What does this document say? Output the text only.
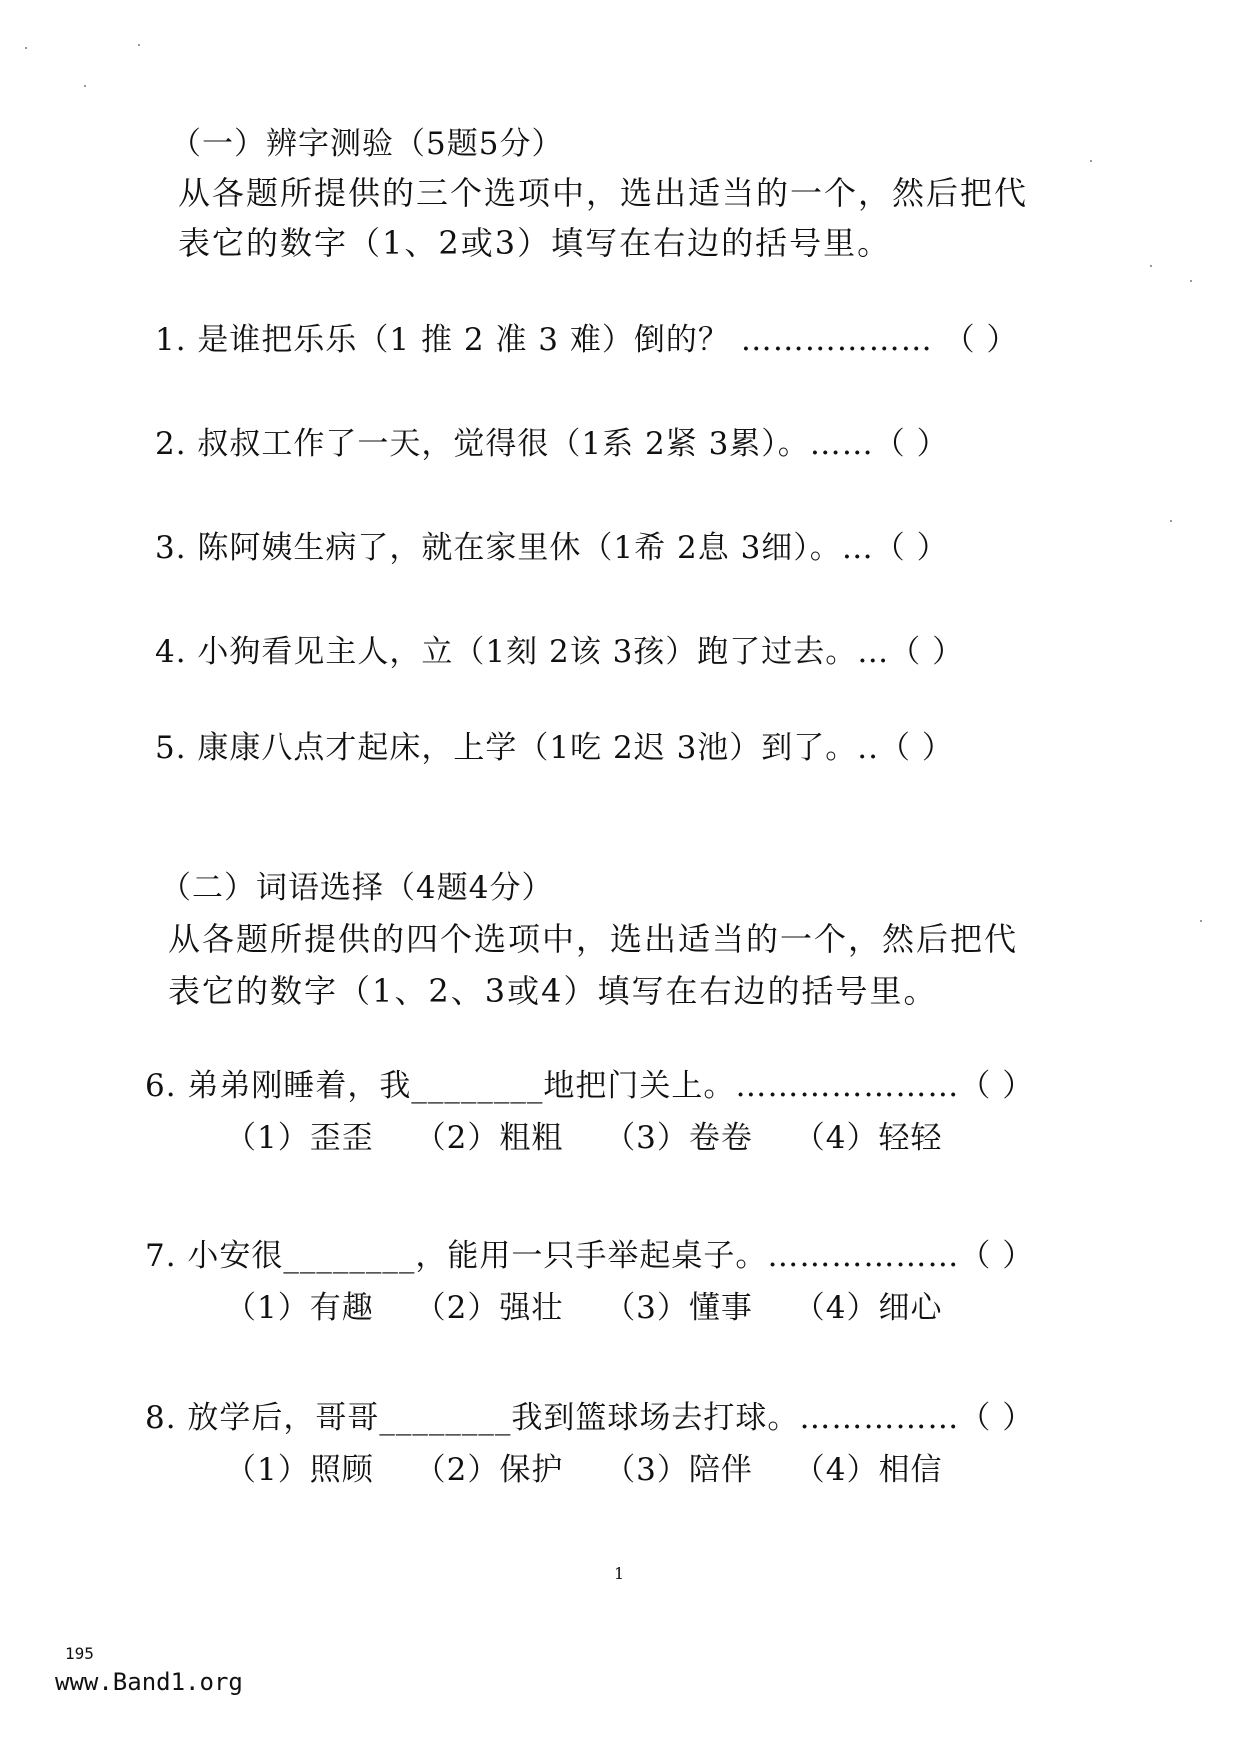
（一）辨字测验（5题5分）
从各题所提供的三个选项中，选出适当的一个，然后把代
表它的数字（1、2或3）填写在右边的括号里。
1. 是谁把乐乐（1 推 2 准 3 难）倒的？ ……………… （ ）
2. 叔叔工作了一天，觉得很（1系 2紧 3累）。……（ ）
3. 陈阿姨生病了，就在家里休（1希 2息 3细）。…（ ）
4. 小狗看见主人，立（1刻 2该 3孩）跑了过去。…（ ）
5. 康康八点才起床，上学（1吃 2迟 3池）到了。..（ ）
（二）词语选择（4题4分）
从各题所提供的四个选项中，选出适当的一个，然后把代
表它的数字（1、2、3或4）填写在右边的括号里。
6. 弟弟刚睡着，我________地把门关上。…………………（ ）
（1）歪歪 （2）粗粗 （3）卷卷 （4）轻轻
7. 小安很________，能用一只手举起桌子。………………（ ）
（1）有趣 （2）强壮 （3）懂事 （4）细心
8. 放学后，哥哥________我到篮球场去打球。……………（ ）
（1）照顾 （2）保护 （3）陪伴 （4）相信
1
195
www.Band1.org
